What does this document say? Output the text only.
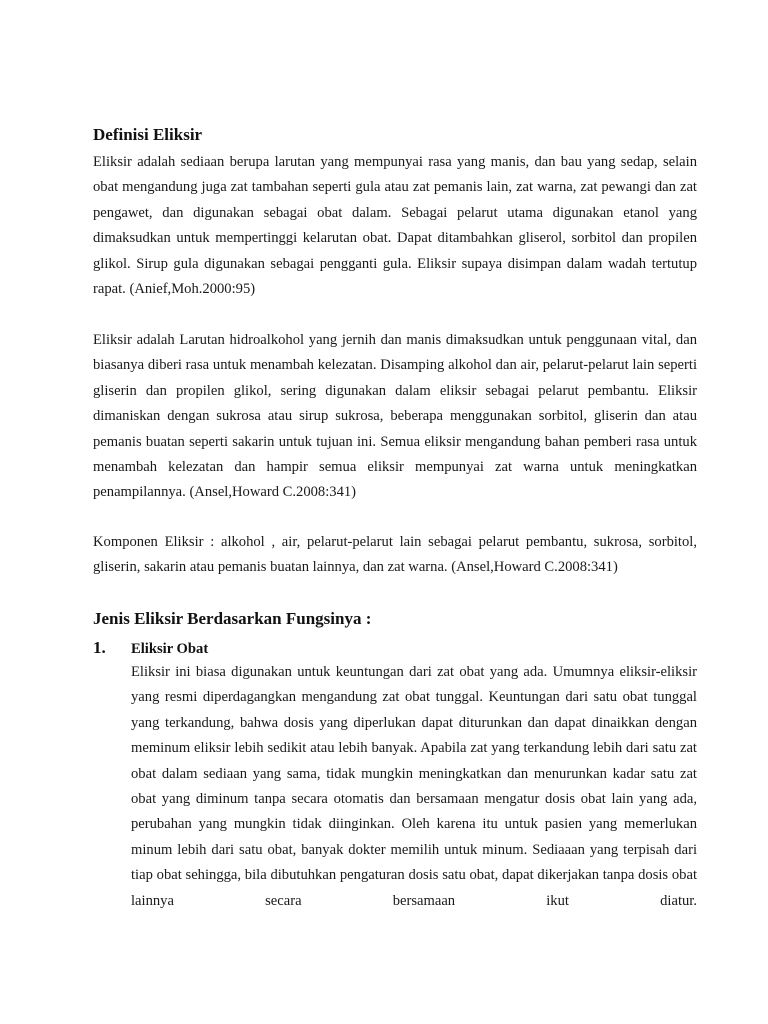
Definisi Eliksir

Eliksir adalah sediaan berupa larutan yang mempunyai rasa yang manis, dan bau yang sedap, selain obat mengandung juga zat tambahan seperti gula atau zat pemanis lain, zat warna, zat pewangi dan zat pengawet, dan digunakan sebagai obat dalam. Sebagai pelarut utama digunakan etanol yang dimaksudkan untuk mempertinggi kelarutan obat. Dapat ditambahkan gliserol, sorbitol dan propilen glikol. Sirup gula digunakan sebagai pengganti gula. Eliksir supaya disimpan dalam wadah tertutup rapat. (Anief,Moh.2000:95)

Eliksir adalah Larutan hidroalkohol yang jernih dan manis dimaksudkan untuk penggunaan vital, dan biasanya diberi rasa untuk menambah kelezatan. Disamping alkohol dan air, pelarut-pelarut lain seperti gliserin dan propilen glikol, sering digunakan dalam eliksir sebagai pelarut pembantu. Eliksir dimaniskan dengan sukrosa atau sirup sukrosa, beberapa menggunakan sorbitol, gliserin dan atau pemanis buatan seperti sakarin untuk tujuan ini. Semua eliksir mengandung bahan pemberi rasa untuk menambah kelezatan dan hampir semua eliksir mempunyai zat warna untuk meningkatkan penampilannya. (Ansel,Howard C.2008:341)

Komponen Eliksir : alkohol , air, pelarut-pelarut lain sebagai pelarut pembantu, sukrosa, sorbitol, gliserin, sakarin atau pemanis buatan lainnya, dan zat warna. (Ansel,Howard C.2008:341)

Jenis Eliksir Berdasarkan Fungsinya :
1. Eliksir Obat

Eliksir ini biasa digunakan untuk keuntungan dari zat obat yang ada. Umumnya eliksir-eliksir yang resmi diperdagangkan mengandung zat obat tunggal. Keuntungan dari satu obat tunggal yang terkandung, bahwa dosis yang diperlukan dapat diturunkan dan dapat dinaikkan dengan meminum eliksir lebih sedikit atau lebih banyak. Apabila zat yang terkandung lebih dari satu zat obat dalam sediaan yang sama, tidak mungkin meningkatkan dan menurunkan kadar satu zat obat yang diminum tanpa secara otomatis dan bersamaan mengatur dosis obat lain yang ada, perubahan yang mungkin tidak diinginkan. Oleh karena itu untuk pasien yang memerlukan minum lebih dari satu obat, banyak dokter memilih untuk minum. Sediaaan yang terpisah dari tiap obat sehingga, bila dibutuhkan pengaturan dosis satu obat, dapat dikerjakan tanpa dosis obat lainnya secara bersamaan ikut diatur.
